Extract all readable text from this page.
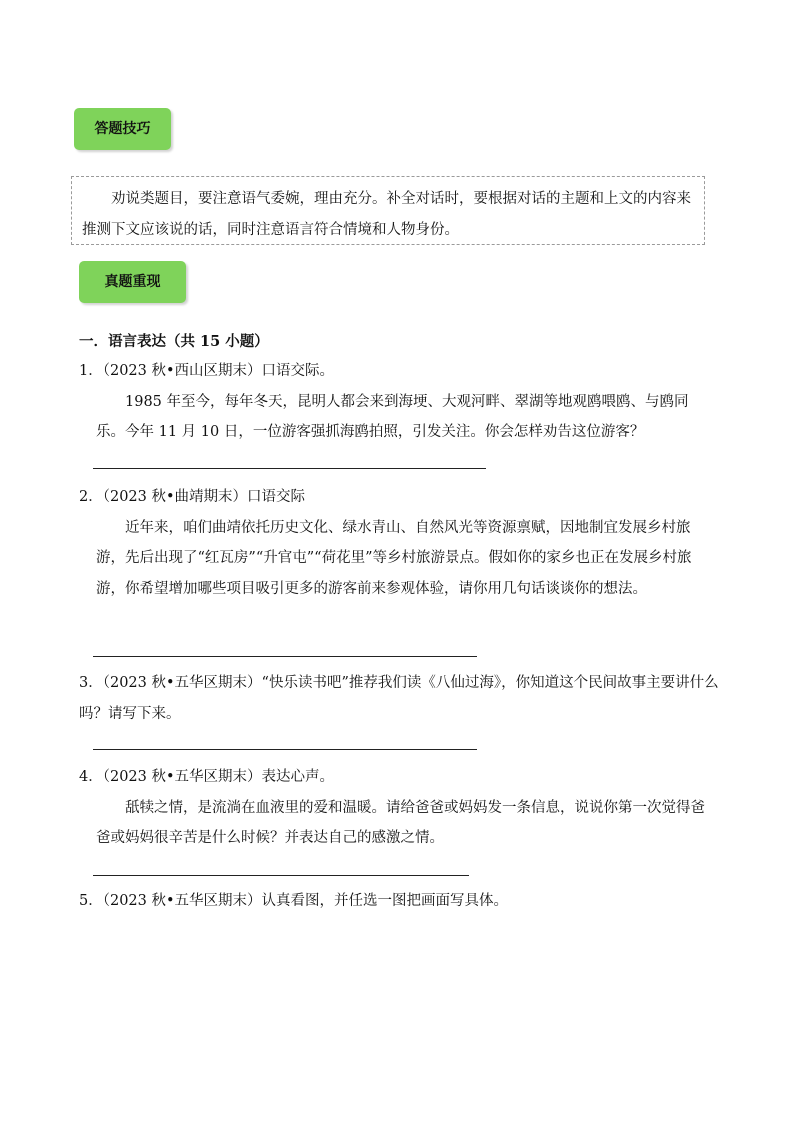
答题技巧
劝说类题目，要注意语气委婉，理由充分。补全对话时，要根据对话的主题和上文的内容来推测下文应该说的话，同时注意语言符合情境和人物身份。
真题重现
一．语言表达（共 15 小题）
1．（2023 秋•西山区期末）口语交际。
1985 年至今，每年冬天，昆明人都会来到海埂、大观河畔、翠湖等地观鸥喂鸥、与鸥同乐。今年 11 月 10 日，一位游客强抓海鸥拍照，引发关注。你会怎样劝告这位游客？
2．（2023 秋•曲靖期末）口语交际
近年来，咱们曲靖依托历史文化、绿水青山、自然风光等资源禀赋，因地制宜发展乡村旅游，先后出现了“红瓦房”“升官屯”“荷花里”等乡村旅游景点。假如你的家乡也正在发展乡村旅游，你希望增加哪些项目吸引更多的游客前来参观体验，请你用几句话谈谈你的想法。
3．（2023 秋•五华区期末）“快乐读书吧”推荐我们读《八仙过海》，你知道这个民间故事主要讲什么吗？请写下来。
4．（2023 秋•五华区期末）表达心声。
舐犊之情，是流淌在血液里的爱和温暖。请给爸爸或妈妈发一条信息，说说你第一次觉得爸爸或妈妈很辛苦是什么时候？并表达自己的感激之情。
5．（2023 秋•五华区期末）认真看图，并任选一图把画面写具体。
